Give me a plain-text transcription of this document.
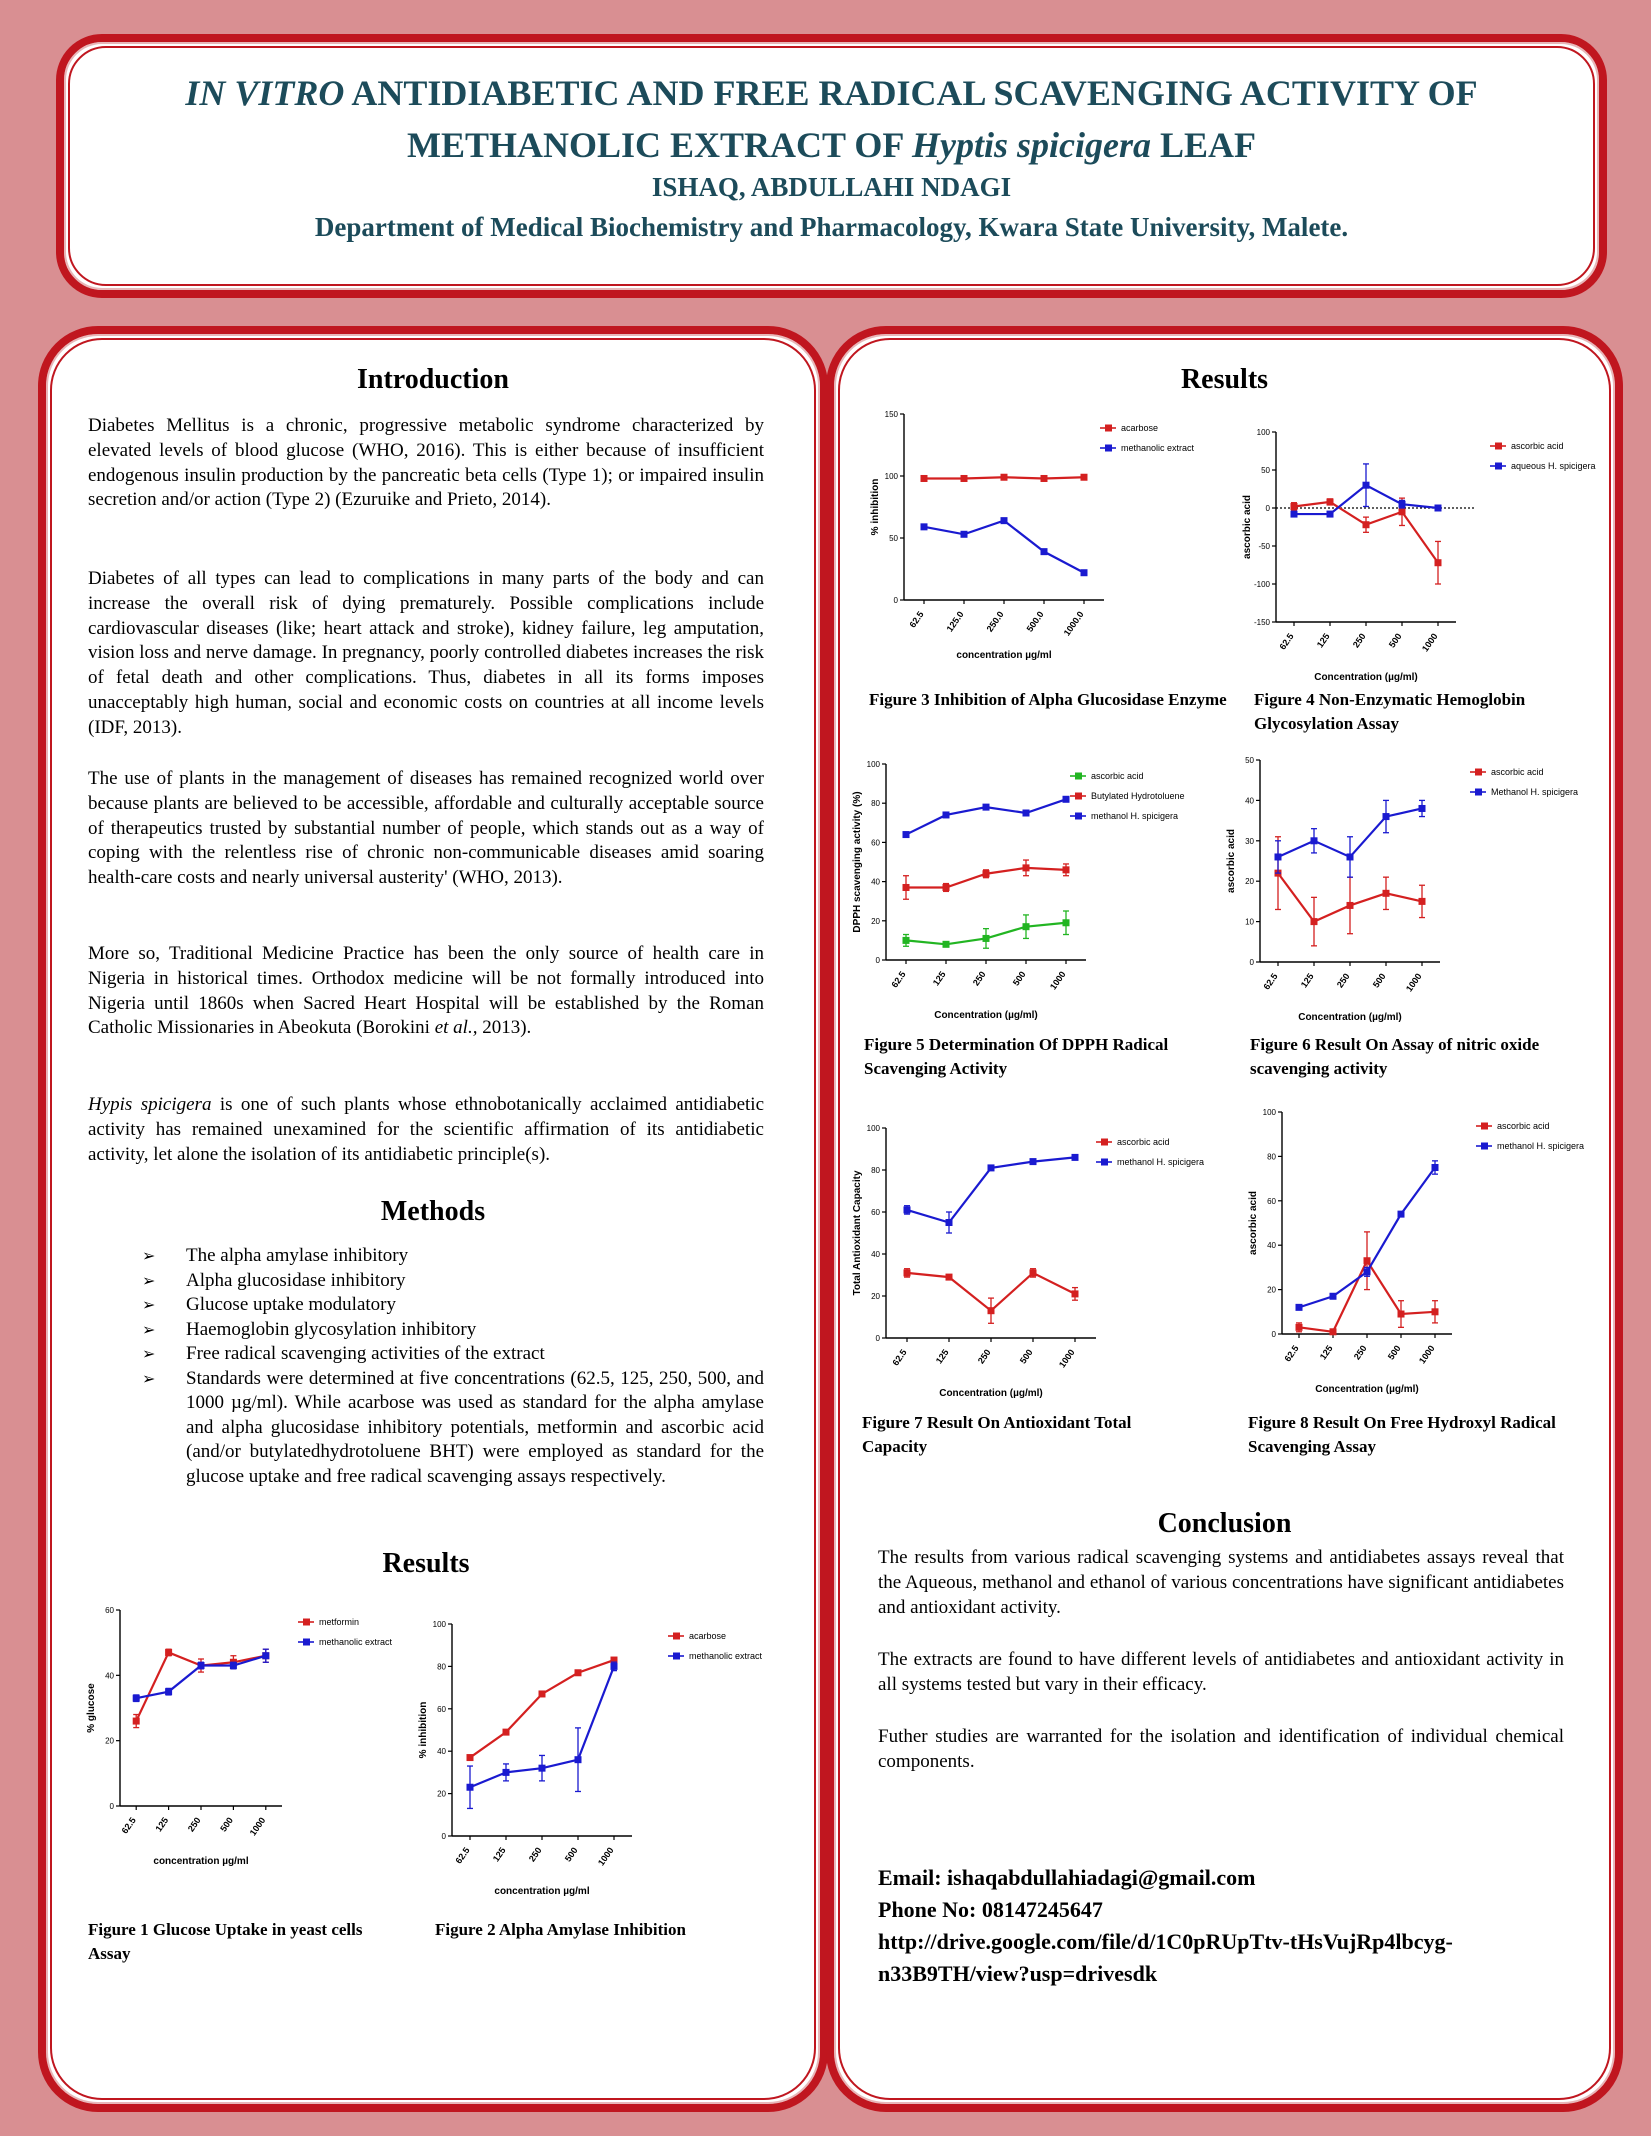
IN VITRO ANTIDIABETIC AND FREE RADICAL SCAVENGING ACTIVITY OF
METHANOLIC EXTRACT OF Hyptis spicigera LEAF
ISHAQ, ABDULLAHI NDAGI
Department of Medical Biochemistry and Pharmacology, Kwara State University, Malete.
Introduction
Diabetes Mellitus is a chronic, progressive metabolic syndrome characterized by elevated levels of blood glucose (WHO, 2016). This is either because of insufficient endogenous insulin production by the pancreatic beta cells (Type 1); or impaired insulin secretion and/or action (Type 2) (Ezuruike and Prieto, 2014).
Diabetes of all types can lead to complications in many parts of the body and can increase the overall risk of dying prematurely. Possible complications include cardiovascular diseases (like; heart attack and stroke), kidney failure, leg amputation, vision loss and nerve damage. In pregnancy, poorly controlled diabetes increases the risk of fetal death and other complications. Thus, diabetes in all its forms imposes unacceptably high human, social and economic costs on countries at all income levels (IDF, 2013).
The use of plants in the management of diseases has remained recognized world over because plants are believed to be accessible, affordable and culturally acceptable source of therapeutics trusted by substantial number of people, which stands out as a way of coping with the relentless rise of chronic non-communicable diseases amid soaring health-care costs and nearly universal austerity' (WHO, 2013).
More so, Traditional Medicine Practice has been the only source of health care in Nigeria in historical times. Orthodox medicine will be not formally introduced into Nigeria until 1860s when Sacred Heart Hospital will be established by the Roman Catholic Missionaries in Abeokuta (Borokini et al., 2013).
Hypis spicigera is one of such plants whose ethnobotanically acclaimed antidiabetic activity has remained unexamined for the scientific affirmation of its antidiabetic activity, let alone the isolation of its antidiabetic principle(s).
Methods
➢ The alpha amylase inhibitory
➢ Alpha glucosidase inhibitory
➢ Glucose uptake modulatory
➢ Haemoglobin glycosylation inhibitory
➢ Free radical scavenging activities of the extract
➢ Standards were determined at five concentrations (62.5, 125, 250, 500, and 1000 µg/ml). While acarbose was used as standard for the alpha amylase and alpha glucosidase inhibitory potentials, metformin and ascorbic acid (and/or butylatedhydrotoluene BHT) were employed as standard for the glucose uptake and free radical scavenging assays respectively.
Results
0
20
40
60
62.5 125 250 500 1000
concentration µg/ml
% glucose
metformin
methanolic extract
Figure 1 Glucose Uptake in yeast cells Assay
0
20
40
60
80
100
62.5 125 250 500 1000
concentration µg/ml
% inhibition
acarbose
methanolic extract
Figure 2 Alpha Amylase Inhibition
Results
0
50
100
150
62.5 125.0 250.0 500.0 1000.0
concentration µg/ml
% inhibition
acarbose
methanolic extract
Figure 3 Inhibition of Alpha Glucosidase Enzyme
-150
-100
-50
0
50
100
62.5 125 250 500 1000
Concentration (µg/ml)
ascorbic acid
ascorbic acid
aqueous H. spicigera
Figure 4 Non-Enzymatic Hemoglobin Glycosylation Assay
0
20
40
60
80
100
62.5	125	250	500 1000
Concentration (µg/ml)
DPPH scavenging activity (%)
ascorbic acid
Butylated Hydrotoluene
methanol H. spicigera
Figure 5 Determination Of DPPH Radical Scavenging Activity
0
10
20
30
40
50
62.5 125 250 500 1000
Concentration (µg/ml)
ascorbic acid
ascorbic acid
Methanol H. spicigera
Figure 6 Result On Assay of nitric oxide scavenging activity
0
20
40
60
80
100
62.5	125	250	500 1000
Concentration (µg/ml)
Total Antioxidant Capacity
ascorbic acid
methanol H. spicigera
Figure 7 Result On Antioxidant Total Capacity
0
20
40
60
80
100
62.5 125 250 500 1000
Concentration (µg/ml)
ascorbic acid
ascorbic acid
methanol H. spicigera
Figure 8 Result On Free Hydroxyl Radical Scavenging Assay
Conclusion
The results from various radical scavenging systems and antidiabetes assays reveal that the Aqueous, methanol and ethanol of various concentrations have significant antidiabetes and antioxidant activity.
The extracts are found to have different levels of antidiabetes and antioxidant activity in all systems tested but vary in their efficacy.
Futher studies are warranted for the isolation and identification of individual chemical components.
Email: ishaqabdullahiadagi@gmail.com
Phone No: 08147245647
http://drive.google.com/file/d/1C0pRUpTtv-tHsVujRp4lbcyg-
n33B9TH/view?usp=drivesdk
